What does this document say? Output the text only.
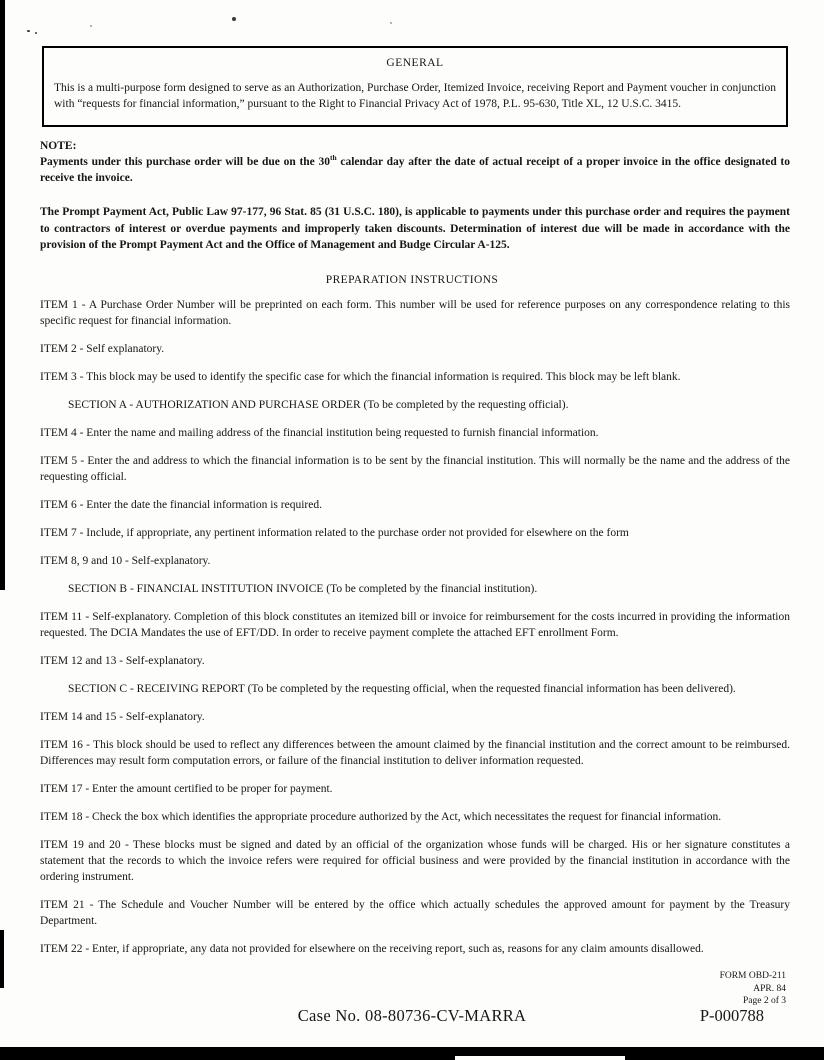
GENERAL

This is a multi-purpose form designed to serve as an Authorization, Purchase Order, Itemized Invoice, receiving Report and Payment voucher in conjunction with “requests for financial information,” pursuant to the Right to Financial Privacy Act of 1978, P.L. 95-630, Title XL, 12 U.S.C. 3415.

NOTE:

Payments under this purchase order will be due on the 30th calendar day after the date of actual receipt of a proper invoice in the office designated to receive the invoice.

The Prompt Payment Act, Public Law 97-177, 96 Stat. 85 (31 U.S.C. 180), is applicable to payments under this purchase order and requires the payment to contractors of interest or overdue payments and improperly taken discounts. Determination of interest due will be made in accordance with the provision of the Prompt Payment Act and the Office of Management and Budge Circular A-125.

PREPARATION INSTRUCTIONS

ITEM 1 - A Purchase Order Number will be preprinted on each form. This number will be used for reference purposes on any correspondence relating to this specific request for financial information.

ITEM 2 - Self explanatory.

ITEM 3 - This block may be used to identify the specific case for which the financial information is required. This block may be left blank.

SECTION A - AUTHORIZATION AND PURCHASE ORDER (To be completed by the requesting official).

ITEM 4 - Enter the name and mailing address of the financial institution being requested to furnish financial information.

ITEM 5 - Enter the and address to which the financial information is to be sent by the financial institution. This will normally be the name and the address of the requesting official.

ITEM 6 - Enter the date the financial information is required.

ITEM 7 - Include, if appropriate, any pertinent information related to the purchase order not provided for elsewhere on the form

ITEM 8, 9 and 10 - Self-explanatory.

SECTION B - FINANCIAL INSTITUTION INVOICE (To be completed by the financial institution).

ITEM 11 - Self-explanatory. Completion of this block constitutes an itemized bill or invoice for reimbursement for the costs incurred in providing the information requested. The DCIA Mandates the use of EFT/DD. In order to receive payment complete the attached EFT enrollment Form.

ITEM 12 and 13 - Self-explanatory.

SECTION C - RECEIVING REPORT (To be completed by the requesting official, when the requested financial information has been delivered).

ITEM 14 and 15 - Self-explanatory.

ITEM 16 - This block should be used to reflect any differences between the amount claimed by the financial institution and the correct amount to be reimbursed. Differences may result form computation errors, or failure of the financial institution to deliver information requested.

ITEM 17 - Enter the amount certified to be proper for payment.

ITEM 18 - Check the box which identifies the appropriate procedure authorized by the Act, which necessitates the request for financial information.

ITEM 19 and 20 - These blocks must be signed and dated by an official of the organization whose funds will be charged. His or her signature constitutes a statement that the records to which the invoice refers were required for official business and were provided by the financial institution in accordance with the ordering instrument.

ITEM 21 - The Schedule and Voucher Number will be entered by the office which actually schedules the approved amount for payment by the Treasury Department.

ITEM 22 - Enter, if appropriate, any data not provided for elsewhere on the receiving report, such as, reasons for any claim amounts disallowed.

FORM OBD-211
APR. 84
Page 2 of 3
Case No. 08-80736-CV-MARRA	P-000788
